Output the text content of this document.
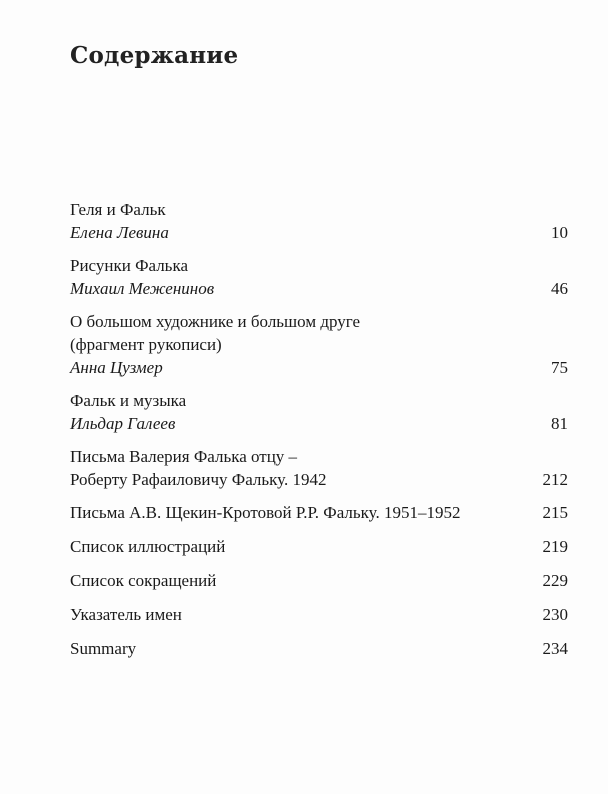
Содержание
Геля и Фальк
Елена Левина	10
Рисунки Фалька
Михаил Меженинов	46
О большом художнике и большом друге
(фрагмент рукописи)
Анна Цузмер	75
Фальк и музыка
Ильдар Галеев	81
Письма Валерия Фалька отцу –
Роберту Рафаиловичу Фальку. 1942	212
Письма А.В. Щекин-Кротовой Р.Р. Фальку. 1951–1952	215
Список иллюстраций	219
Список сокращений	229
Указатель имен	230
Summary	234
